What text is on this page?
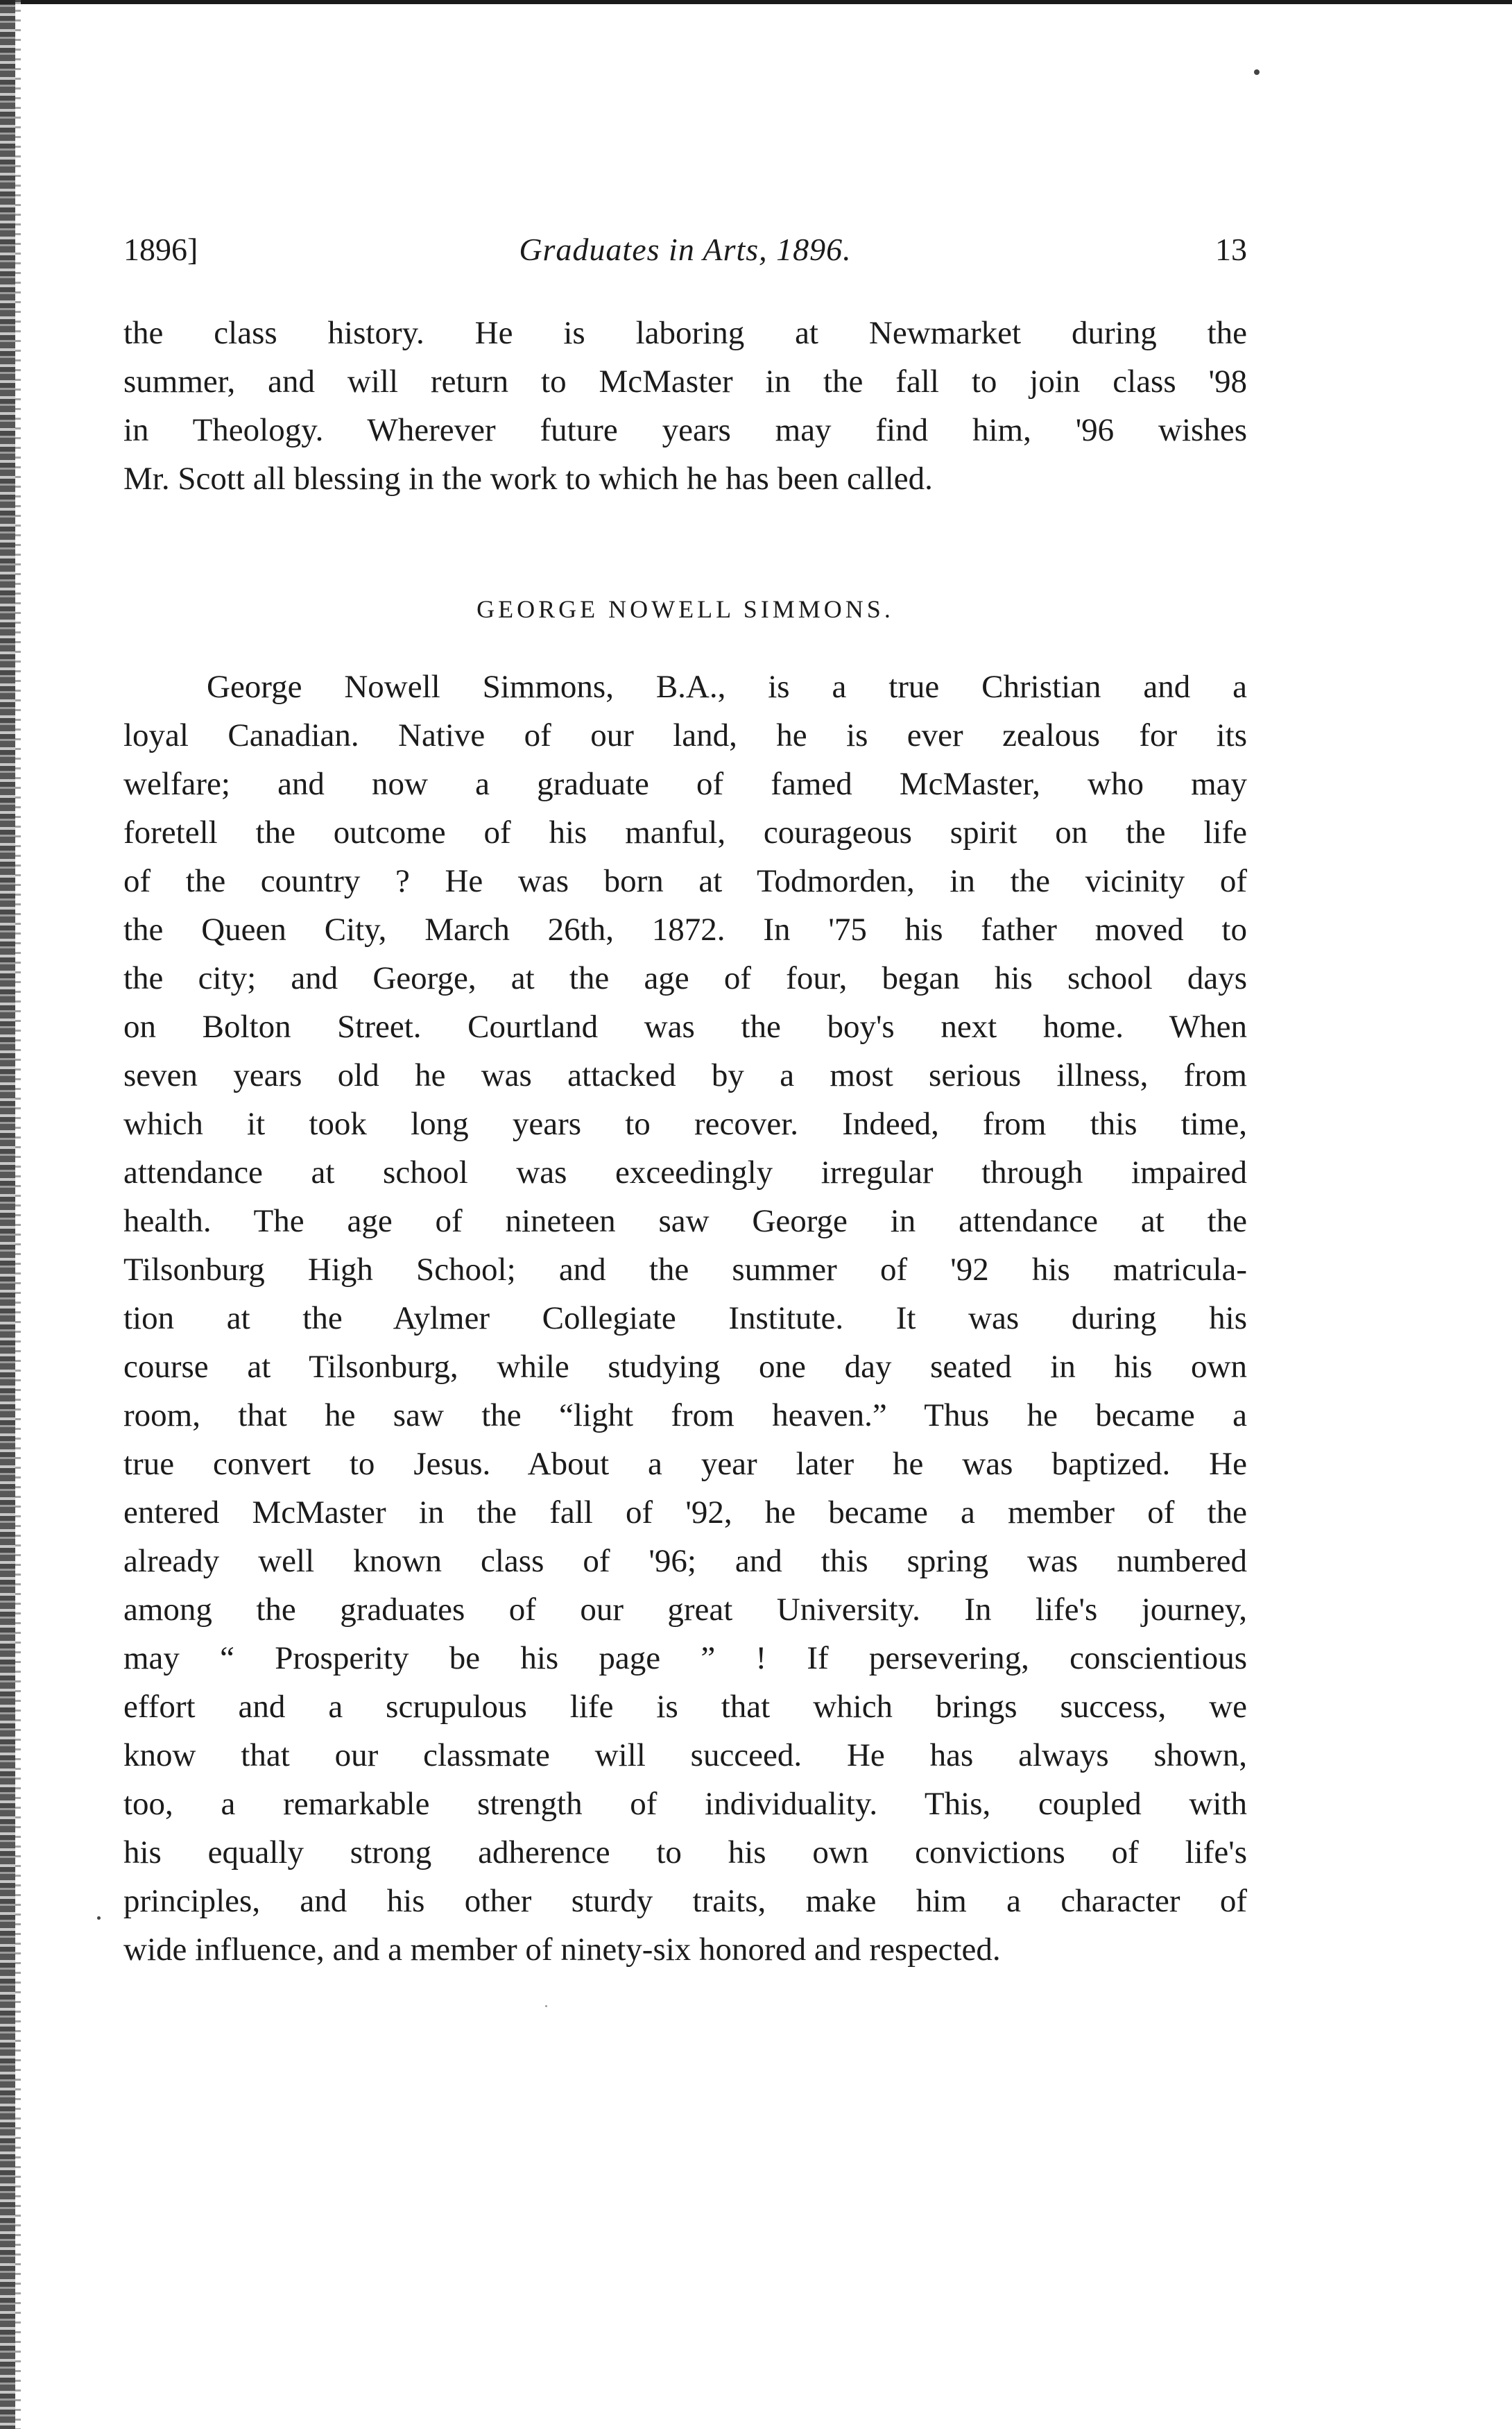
1896]	Graduates in Arts, 1896.	13
the class history. He is laboring at Newmarket during the
summer, and will return to McMaster in the fall to join class '98
in Theology. Wherever future years may find him, '96 wishes
Mr. Scott all blessing in the work to which he has been called.
GEORGE NOWELL SIMMONS.
George Nowell Simmons, B.A., is a true Christian and a
loyal Canadian. Native of our land, he is ever zealous for its
welfare; and now a graduate of famed McMaster, who may
foretell the outcome of his manful, courageous spirit on the life
of the country ? He was born at Todmorden, in the vicinity of
the Queen City, March 26th, 1872. In '75 his father moved to
the city; and George, at the age of four, began his school days
on Bolton Street. Courtland was the boy's next home. When
seven years old he was attacked by a most serious illness, from
which it took long years to recover. Indeed, from this time,
attendance at school was exceedingly irregular through impaired
health. The age of nineteen saw George in attendance at the
Tilsonburg High School; and the summer of '92 his matricula-
tion at the Aylmer Collegiate Institute. It was during his
course at Tilsonburg, while studying one day seated in his own
room, that he saw the “light from heaven.” Thus he became a
true convert to Jesus. About a year later he was baptized. He
entered McMaster in the fall of '92, he became a member of the
already well known class of '96; and this spring was numbered
among the graduates of our great University. In life's journey,
may “ Prosperity be his page ” ! If persevering, conscientious
effort and a scrupulous life is that which brings success, we
know that our classmate will succeed. He has always shown,
too, a remarkable strength of individuality. This, coupled with
his equally strong adherence to his own convictions of life's
principles, and his other sturdy traits, make him a character of
wide influence, and a member of ninety-six honored and respected.
